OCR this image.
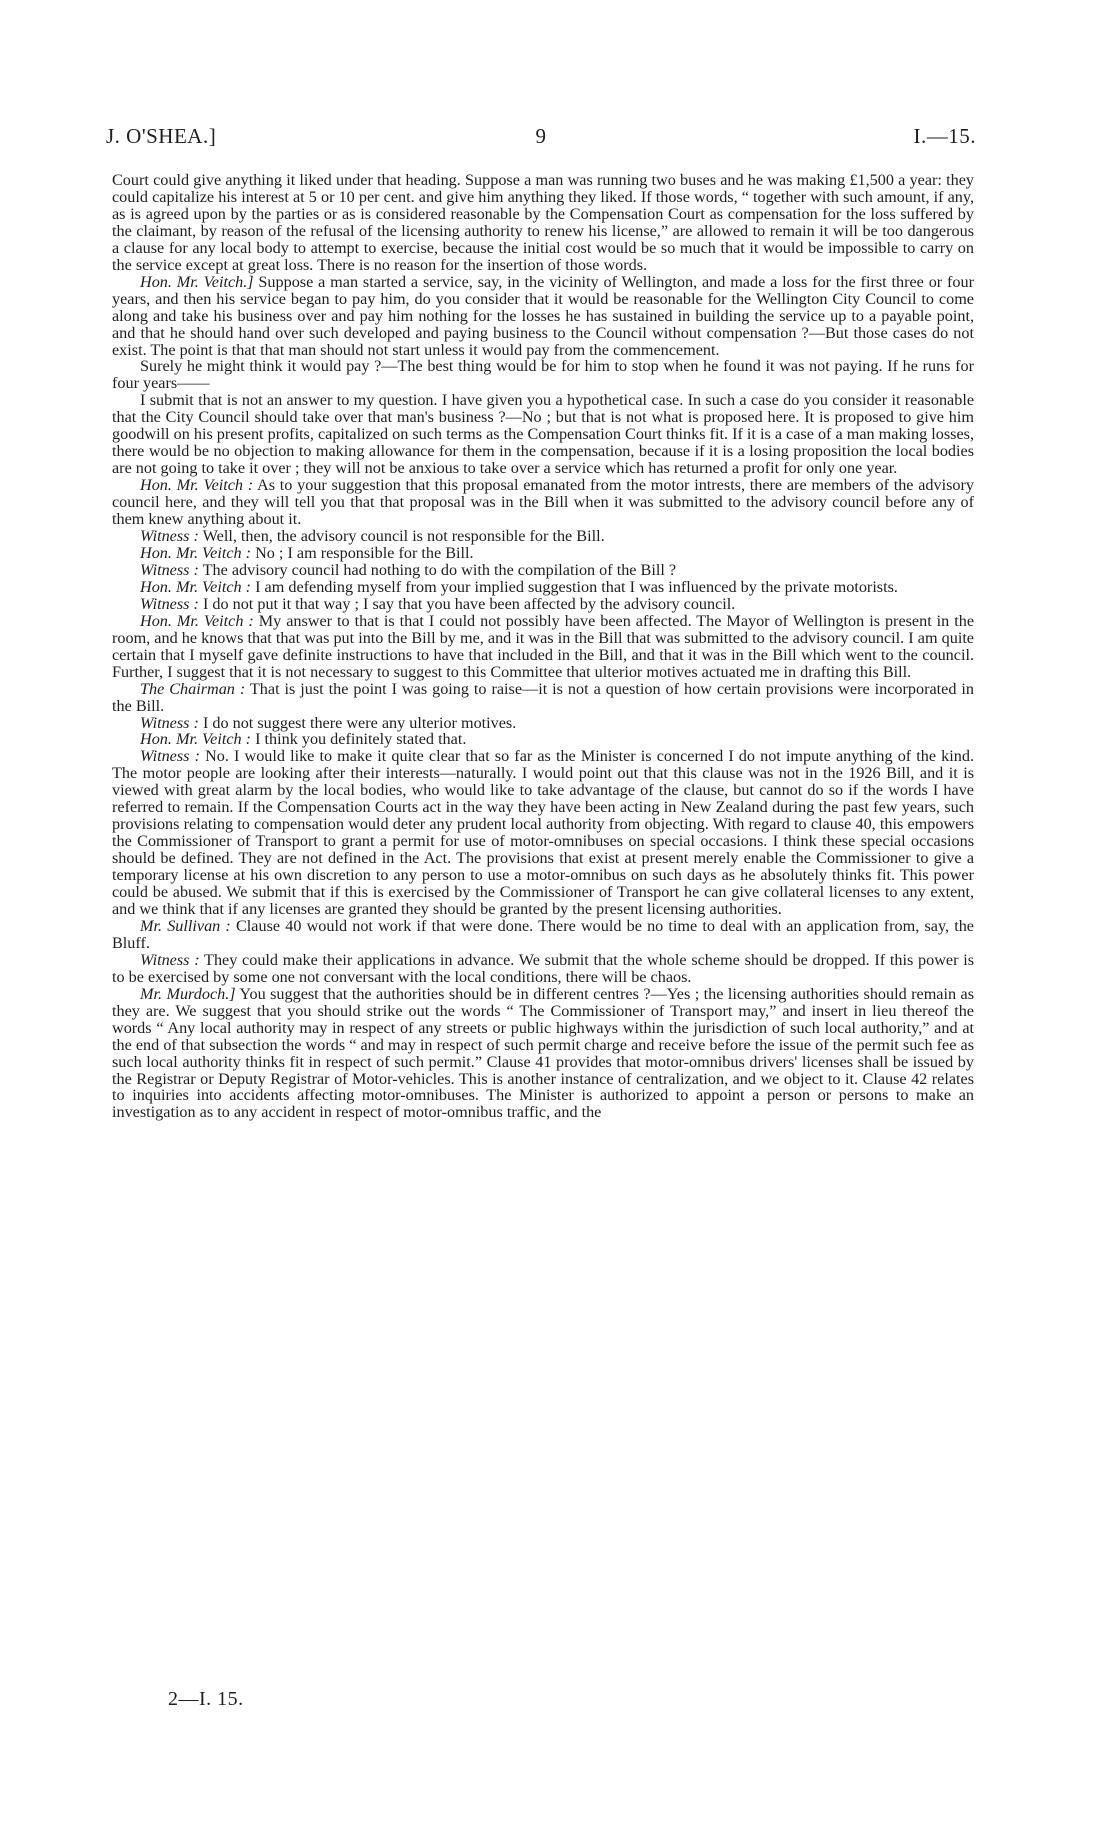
J. O'SHEA.]	9	I.—15.

Court could give anything it liked under that heading. Suppose a man was running two buses and he was making £1,500 a year: they could capitalize his interest at 5 or 10 per cent. and give him anything they liked. If those words, “ together with such amount, if any, as is agreed upon by the parties or as is considered reasonable by the Compensation Court as compensation for the loss suffered by the claimant, by reason of the refusal of the licensing authority to renew his license,” are allowed to remain it will be too dangerous a clause for any local body to attempt to exercise, because the initial cost would be so much that it would be impossible to carry on the service except at great loss. There is no reason for the insertion of those words.

Hon. Mr. Veitch.] Suppose a man started a service, say, in the vicinity of Wellington, and made a loss for the first three or four years, and then his service began to pay him, do you consider that it would be reasonable for the Wellington City Council to come along and take his business over and pay him nothing for the losses he has sustained in building the service up to a payable point, and that he should hand over such developed and paying business to the Council without compensation ?—But those cases do not exist. The point is that that man should not start unless it would pay from the commencement.

Surely he might think it would pay ?—The best thing would be for him to stop when he found it was not paying. If he runs for four years——

I submit that is not an answer to my question. I have given you a hypothetical case. In such a case do you consider it reasonable that the City Council should take over that man's business ?—No ; but that is not what is proposed here. It is proposed to give him goodwill on his present profits, capitalized on such terms as the Compensation Court thinks fit. If it is a case of a man making losses, there would be no objection to making allowance for them in the compensation, because if it is a losing proposition the local bodies are not going to take it over ; they will not be anxious to take over a service which has returned a profit for only one year.

Hon. Mr. Veitch : As to your suggestion that this proposal emanated from the motor intrests, there are members of the advisory council here, and they will tell you that that proposal was in the Bill when it was submitted to the advisory council before any of them knew anything about it.

Witness : Well, then, the advisory council is not responsible for the Bill.

Hon. Mr. Veitch : No ; I am responsible for the Bill.

Witness : The advisory council had nothing to do with the compilation of the Bill ?

Hon. Mr. Veitch : I am defending myself from your implied suggestion that I was influenced by the private motorists.

Witness : I do not put it that way ; I say that you have been affected by the advisory council.

Hon. Mr. Veitch : My answer to that is that I could not possibly have been affected. The Mayor of Wellington is present in the room, and he knows that that was put into the Bill by me, and it was in the Bill that was submitted to the advisory council. I am quite certain that I myself gave definite instructions to have that included in the Bill, and that it was in the Bill which went to the council. Further, I suggest that it is not necessary to suggest to this Committee that ulterior motives actuated me in drafting this Bill.

The Chairman : That is just the point I was going to raise—it is not a question of how certain provisions were incorporated in the Bill.

Witness : I do not suggest there were any ulterior motives.

Hon. Mr. Veitch : I think you definitely stated that.

Witness : No. I would like to make it quite clear that so far as the Minister is concerned I do not impute anything of the kind. The motor people are looking after their interests—naturally. I would point out that this clause was not in the 1926 Bill, and it is viewed with great alarm by the local bodies, who would like to take advantage of the clause, but cannot do so if the words I have referred to remain. If the Compensation Courts act in the way they have been acting in New Zealand during the past few years, such provisions relating to compensation would deter any prudent local authority from objecting. With regard to clause 40, this empowers the Commissioner of Transport to grant a permit for use of motor-omnibuses on special occasions. I think these special occasions should be defined. They are not defined in the Act. The provisions that exist at present merely enable the Commissioner to give a temporary license at his own discretion to any person to use a motor-omnibus on such days as he absolutely thinks fit. This power could be abused. We submit that if this is exercised by the Commissioner of Transport he can give collateral licenses to any extent, and we think that if any licenses are granted they should be granted by the present licensing authorities.

Mr. Sullivan : Clause 40 would not work if that were done. There would be no time to deal with an application from, say, the Bluff.

Witness : They could make their applications in advance. We submit that the whole scheme should be dropped. If this power is to be exercised by some one not conversant with the local conditions, there will be chaos.

Mr. Murdoch.] You suggest that the authorities should be in different centres ?—Yes ; the licensing authorities should remain as they are. We suggest that you should strike out the words “ The Commissioner of Transport may,” and insert in lieu thereof the words “ Any local authority may in respect of any streets or public highways within the jurisdiction of such local authority,” and at the end of that subsection the words “ and may in respect of such permit charge and receive before the issue of the permit such fee as such local authority thinks fit in respect of such permit.” Clause 41 provides that motor-omnibus drivers' licenses shall be issued by the Registrar or Deputy Registrar of Motor-vehicles. This is another instance of centralization, and we object to it. Clause 42 relates to inquiries into accidents affecting motor-omnibuses. The Minister is authorized to appoint a person or persons to make an investigation as to any accident in respect of motor-omnibus traffic, and the

2—I. 15.
